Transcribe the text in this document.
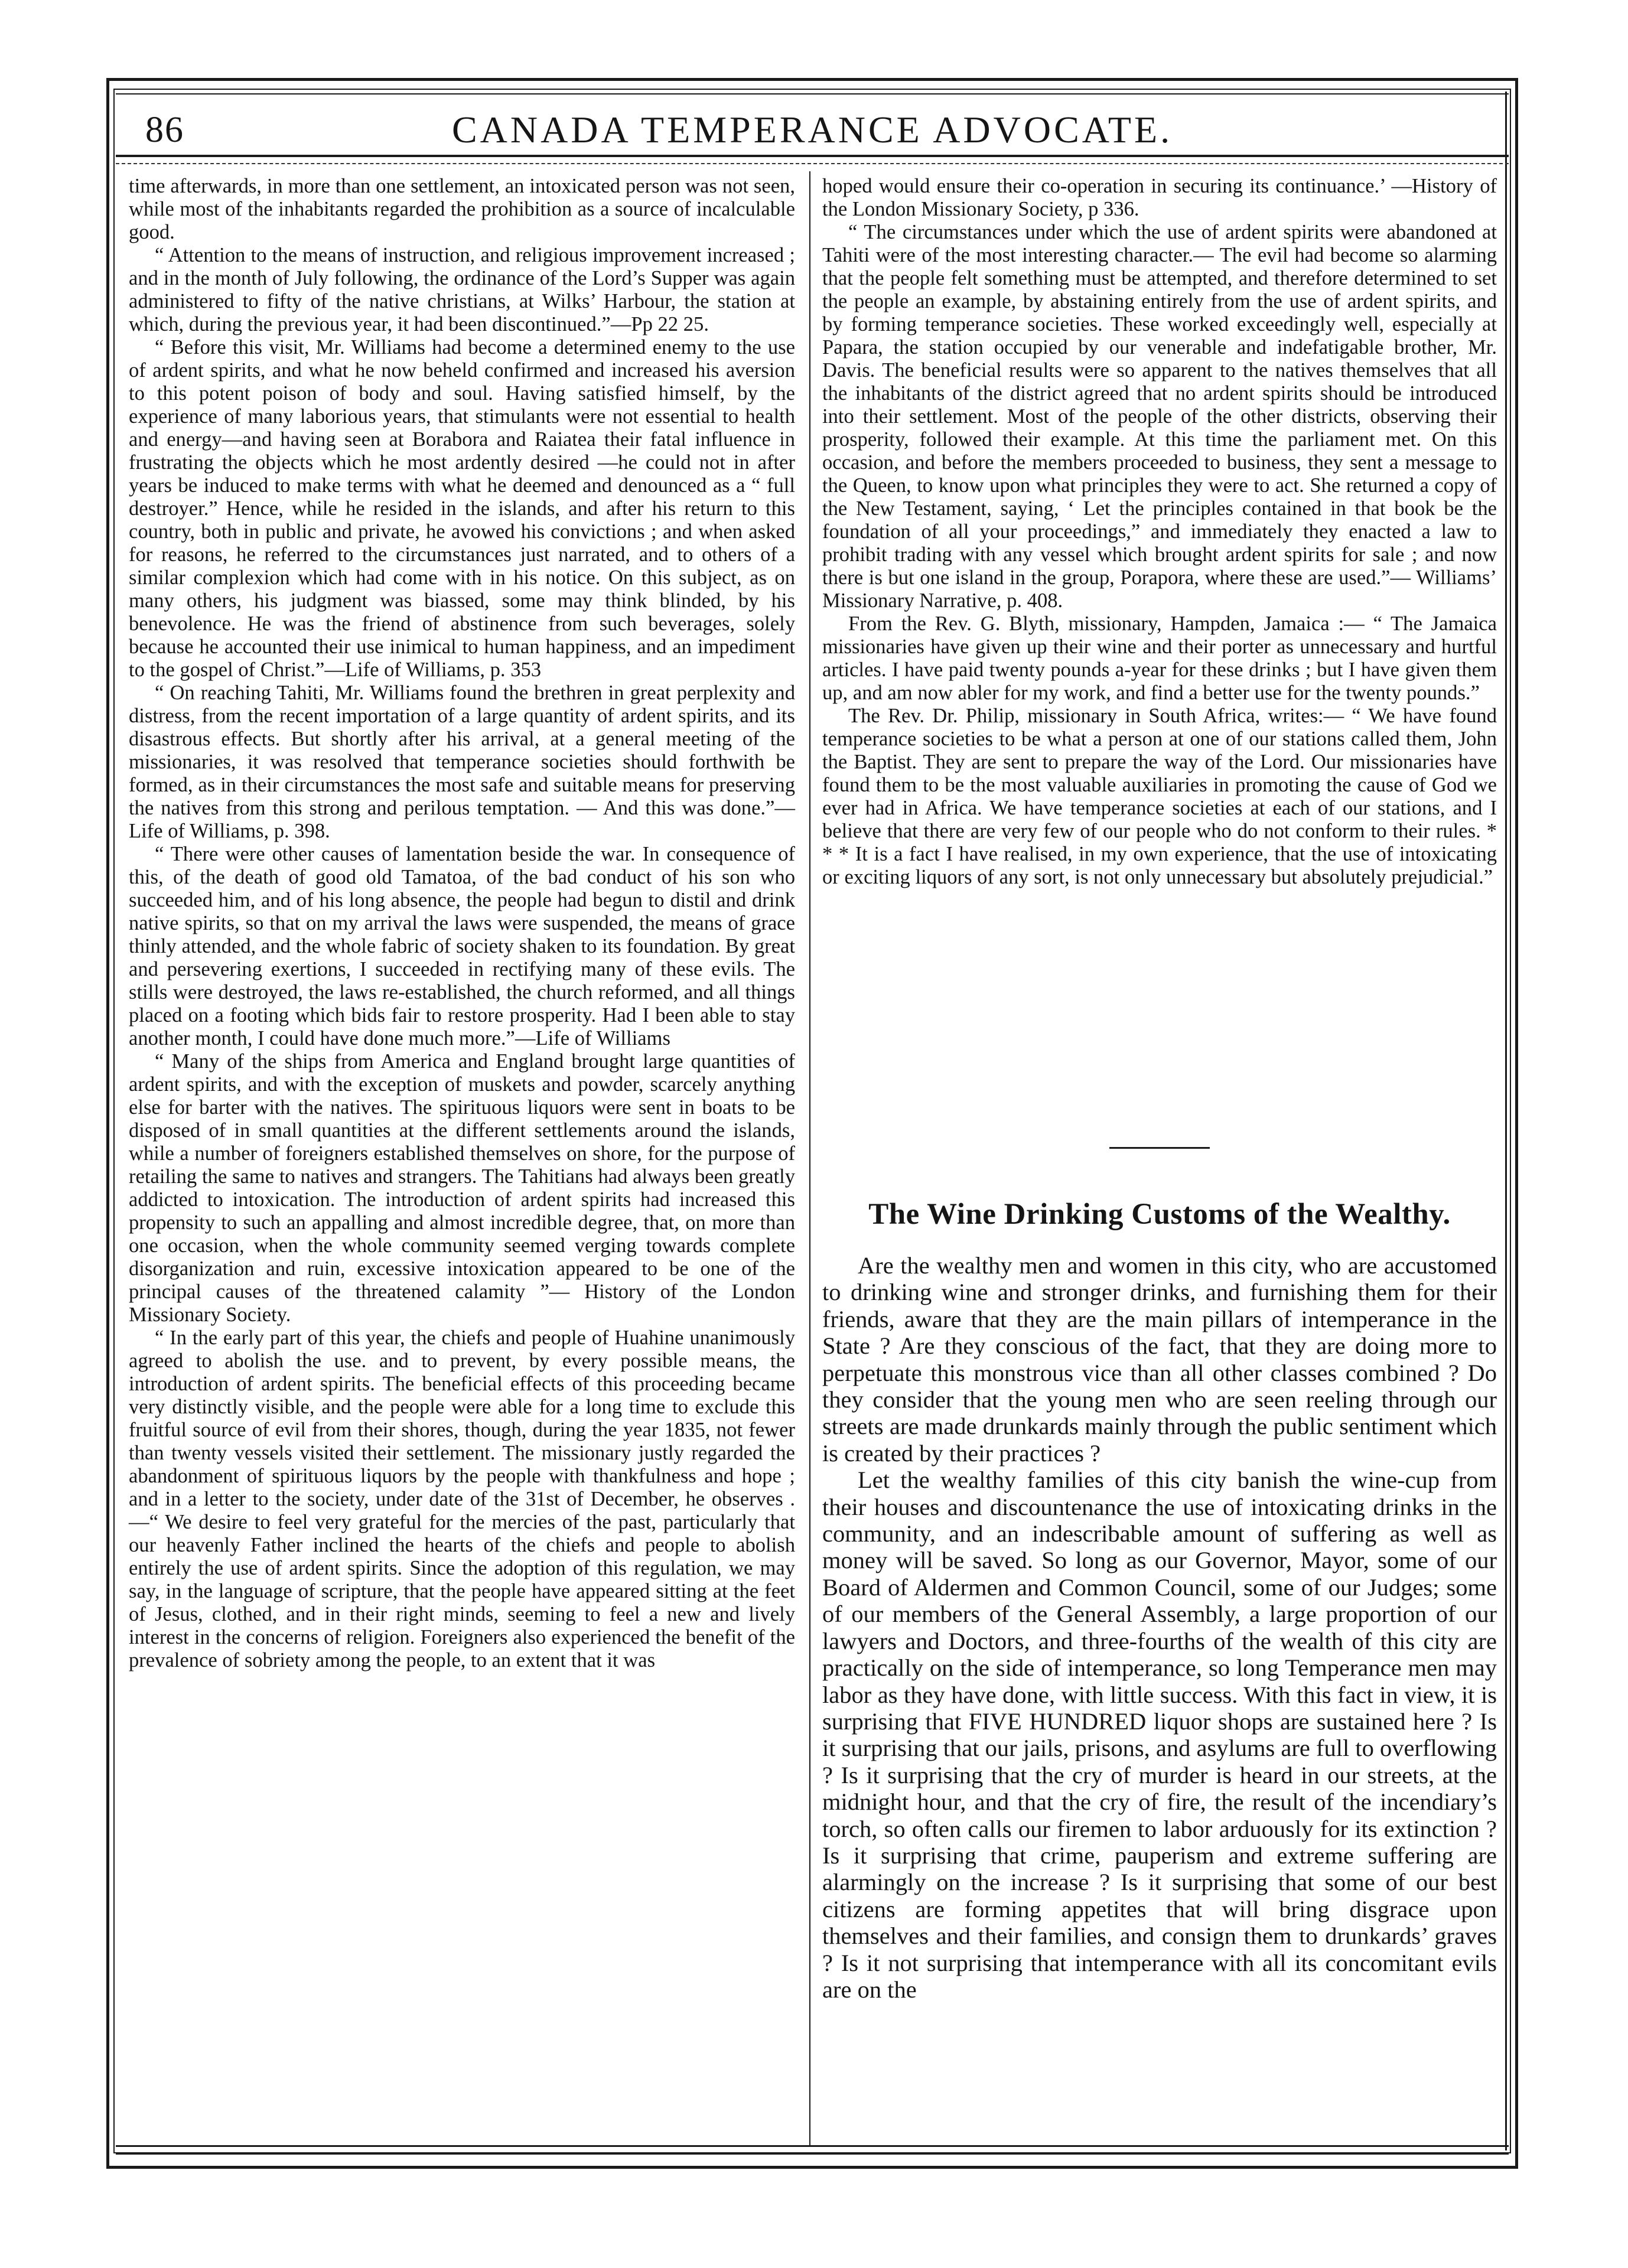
86	CANADA TEMPERANCE ADVOCATE.

time afterwards, in more than one settlement, an intoxicated person was not seen, while most of the inhabitants regarded the prohibition as a source of incalculable good.

“ Attention to the means of instruction, and religious improvement increased ; and in the month of July following, the ordinance of the Lord’s Supper was again administered to fifty of the native christians, at Wilks’ Harbour, the station at which, during the previous year, it had been discontinued.”—Pp 22 25.

“ Before this visit, Mr. Williams had become a determined enemy to the use of ardent spirits, and what he now beheld confirmed and increased his aversion to this potent poison of body and soul. Having satisfied himself, by the experience of many laborious years, that stimulants were not essential to health and energy—and having seen at Borabora and Raiatea their fatal influence in frustrating the objects which he most ardently desired —he could not in after years be induced to make terms with what he deemed and denounced as a “ full destroyer.” Hence, while he resided in the islands, and after his return to this country, both in public and private, he avowed his convictions ; and when asked for reasons, he referred to the circumstances just narrated, and to others of a similar complexion which had come with in his notice. On this subject, as on many others, his judgment was biassed, some may think blinded, by his benevolence. He was the friend of abstinence from such beverages, solely because he accounted their use inimical to human happiness, and an impediment to the gospel of Christ.”—Life of Williams, p. 353

“ On reaching Tahiti, Mr. Williams found the brethren in great perplexity and distress, from the recent importation of a large quantity of ardent spirits, and its disastrous effects. But shortly after his arrival, at a general meeting of the missionaries, it was resolved that temperance societies should forthwith be formed, as in their circumstances the most safe and suitable means for preserving the natives from this strong and perilous temptation. — And this was done.”—Life of Williams, p. 398.

“ There were other causes of lamentation beside the war. In consequence of this, of the death of good old Tamatoa, of the bad conduct of his son who succeeded him, and of his long absence, the people had begun to distil and drink native spirits, so that on my arrival the laws were suspended, the means of grace thinly attended, and the whole fabric of society shaken to its foundation. By great and persevering exertions, I succeeded in rectifying many of these evils. The stills were destroyed, the laws re-established, the church reformed, and all things placed on a footing which bids fair to restore prosperity. Had I been able to stay another month, I could have done much more.”—Life of Williams

“ Many of the ships from America and England brought large quantities of ardent spirits, and with the exception of muskets and powder, scarcely anything else for barter with the natives. The spirituous liquors were sent in boats to be disposed of in small quantities at the different settlements around the islands, while a number of foreigners established themselves on shore, for the purpose of retailing the same to natives and strangers. The Tahitians had always been greatly addicted to intoxication. The introduction of ardent spirits had increased this propensity to such an appalling and almost incredible degree, that, on more than one occasion, when the whole community seemed verging towards complete disorganization and ruin, excessive intoxication appeared to be one of the principal causes of the threatened calamity ”— History of the London Missionary Society.

“ In the early part of this year, the chiefs and people of Huahine unanimously agreed to abolish the use. and to prevent, by every possible means, the introduction of ardent spirits. The beneficial effects of this proceeding became very distinctly visible, and the people were able for a long time to exclude this fruitful source of evil from their shores, though, during the year 1835, not fewer than twenty vessels visited their settlement. The missionary justly regarded the abandonment of spirituous liquors by the people with thankfulness and hope ; and in a letter to the society, under date of the 31st of December, he observes .—“ We desire to feel very grateful for the mercies of the past, particularly that our heavenly Father inclined the hearts of the chiefs and people to abolish entirely the use of ardent spirits. Since the adoption of this regulation, we may say, in the language of scripture, that the people have appeared sitting at the feet of Jesus, clothed, and in their right minds, seeming to feel a new and lively interest in the concerns of religion. Foreigners also experienced the benefit of the prevalence of sobriety among the people, to an extent that it was

hoped would ensure their co-operation in securing its continuance.’ —History of the London Missionary Society, p 336.

“ The circumstances under which the use of ardent spirits were abandoned at Tahiti were of the most interesting character.— The evil had become so alarming that the people felt something must be attempted, and therefore determined to set the people an example, by abstaining entirely from the use of ardent spirits, and by forming temperance societies. These worked exceedingly well, especially at Papara, the station occupied by our venerable and indefatigable brother, Mr. Davis. The beneficial results were so apparent to the natives themselves that all the inhabitants of the district agreed that no ardent spirits should be introduced into their settlement. Most of the people of the other districts, observing their prosperity, followed their example. At this time the parliament met. On this occasion, and before the members proceeded to business, they sent a message to the Queen, to know upon what principles they were to act. She returned a copy of the New Testament, saying, ‘ Let the principles contained in that book be the foundation of all your proceedings,” and immediately they enacted a law to prohibit trading with any vessel which brought ardent spirits for sale ; and now there is but one island in the group, Porapora, where these are used.”— Williams’ Missionary Narrative, p. 408.

From the Rev. G. Blyth, missionary, Hampden, Jamaica :— “ The Jamaica missionaries have given up their wine and their porter as unnecessary and hurtful articles. I have paid twenty pounds a-year for these drinks ; but I have given them up, and am now abler for my work, and find a better use for the twenty pounds.”

The Rev. Dr. Philip, missionary in South Africa, writes:— “ We have found temperance societies to be what a person at one of our stations called them, John the Baptist. They are sent to prepare the way of the Lord. Our missionaries have found them to be the most valuable auxiliaries in promoting the cause of God we ever had in Africa. We have temperance societies at each of our stations, and I believe that there are very few of our people who do not conform to their rules. * * * It is a fact I have realised, in my own experience, that the use of intoxicating or exciting liquors of any sort, is not only unnecessary but absolutely prejudicial.”

The Wine Drinking Customs of the Wealthy.

Are the wealthy men and women in this city, who are accustomed to drinking wine and stronger drinks, and furnishing them for their friends, aware that they are the main pillars of intemperance in the State ? Are they conscious of the fact, that they are doing more to perpetuate this monstrous vice than all other classes combined ? Do they consider that the young men who are seen reeling through our streets are made drunkards mainly through the public sentiment which is created by their practices ?

Let the wealthy families of this city banish the wine-cup from their houses and discountenance the use of intoxicating drinks in the community, and an indescribable amount of suffering as well as money will be saved. So long as our Governor, Mayor, some of our Board of Aldermen and Common Council, some of our Judges; some of our members of the General Assembly, a large proportion of our lawyers and Doctors, and three-fourths of the wealth of this city are practically on the side of intemperance, so long Temperance men may labor as they have done, with little success. With this fact in view, it is surprising that FIVE HUNDRED liquor shops are sustained here ? Is it surprising that our jails, prisons, and asylums are full to overflowing ? Is it surprising that the cry of murder is heard in our streets, at the midnight hour, and that the cry of fire, the result of the incendiary’s torch, so often calls our firemen to labor arduously for its extinction ? Is it surprising that crime, pauperism and extreme suffering are alarmingly on the increase ? Is it surprising that some of our best citizens are forming appetites that will bring disgrace upon themselves and their families, and consign them to drunkards’ graves ? Is it not surprising that intemperance with all its concomitant evils are on the
